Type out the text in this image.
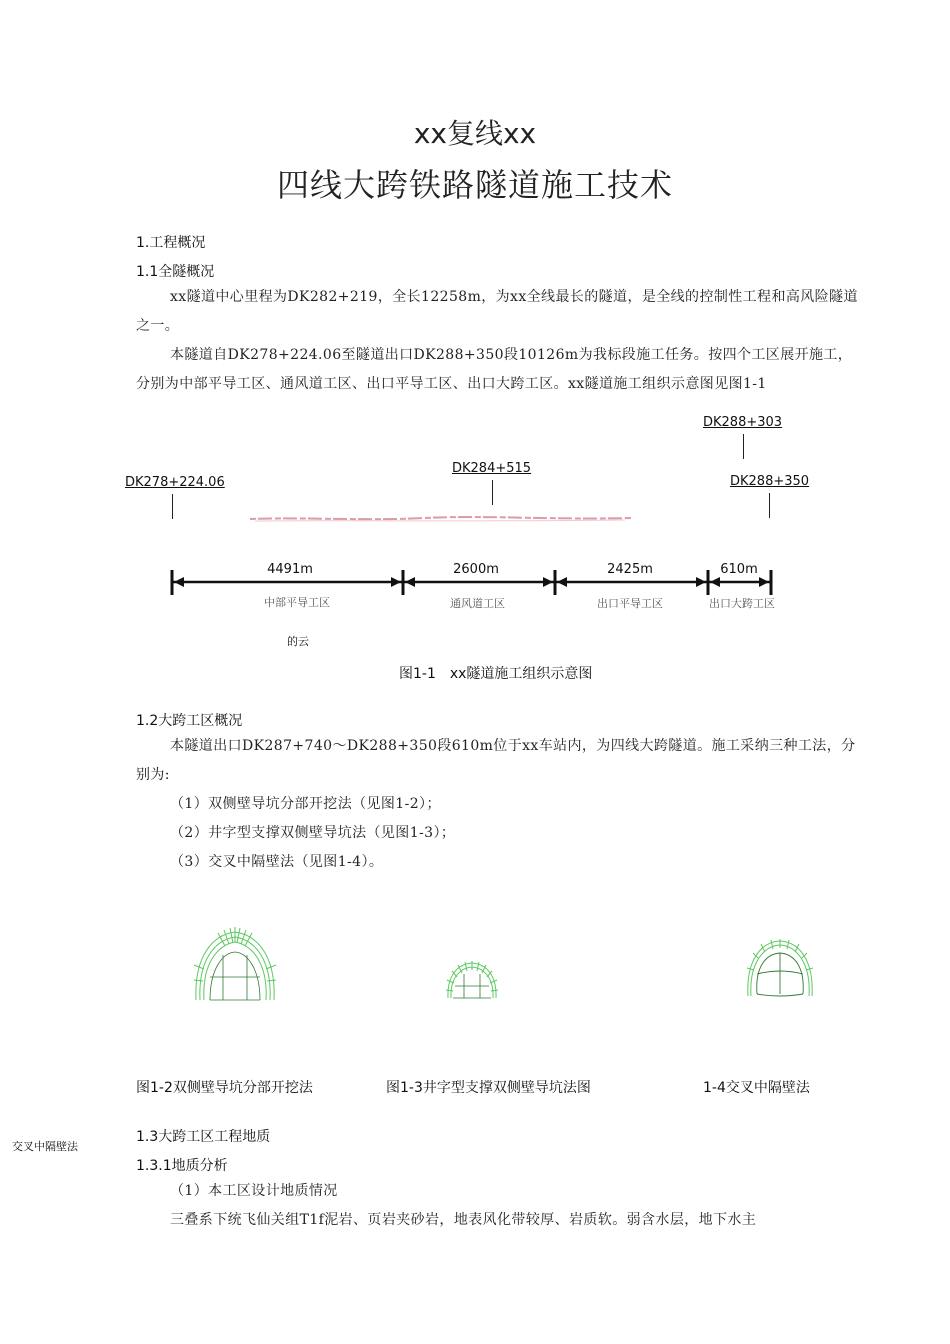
xx复线xx
四线大跨铁路隧道施工技术
1.工程概况
1.1全隧概况
xx隧道中心里程为DK282+219，全长12258m，为xx全线最长的隧道，是全线的控制性工程和高风险隧道之一。
本隧道自DK278+224.06至隧道出口DK288+350段10126m为我标段施工任务。按四个工区展开施工，分别为中部平导工区、通风道工区、出口平导工区、出口大跨工区。xx隧道施工组织示意图见图1-1
DK278+224.06
DK284+515
DK288+303
DK288+350
4491m	2600m	2425m	610m
中部平导工区	通风道工区	出口平导工区	出口大跨工区
的云
图1-1　xx隧道施工组织示意图
1.2大跨工区概况
本隧道出口DK287+740～DK288+350段610m位于xx车站内，为四线大跨隧道。施工采纳三种工法，分别为:
（1）双侧壁导坑分部开挖法（见图1-2）；
（2）井字型支撑双侧壁导坑法（见图1-3）；
（3）交叉中隔壁法（见图1-4）。
图1-2双侧壁导坑分部开挖法	图1-3井字型支撑双侧壁导坑法图	1-4交叉中隔壁法
交叉中隔壁法
1.3大跨工区工程地质
1.3.1地质分析
（1）本工区设计地质情况
三叠系下统飞仙关组T1f泥岩、页岩夹砂岩，地表风化带较厚、岩质软。弱含水层，地下水主
